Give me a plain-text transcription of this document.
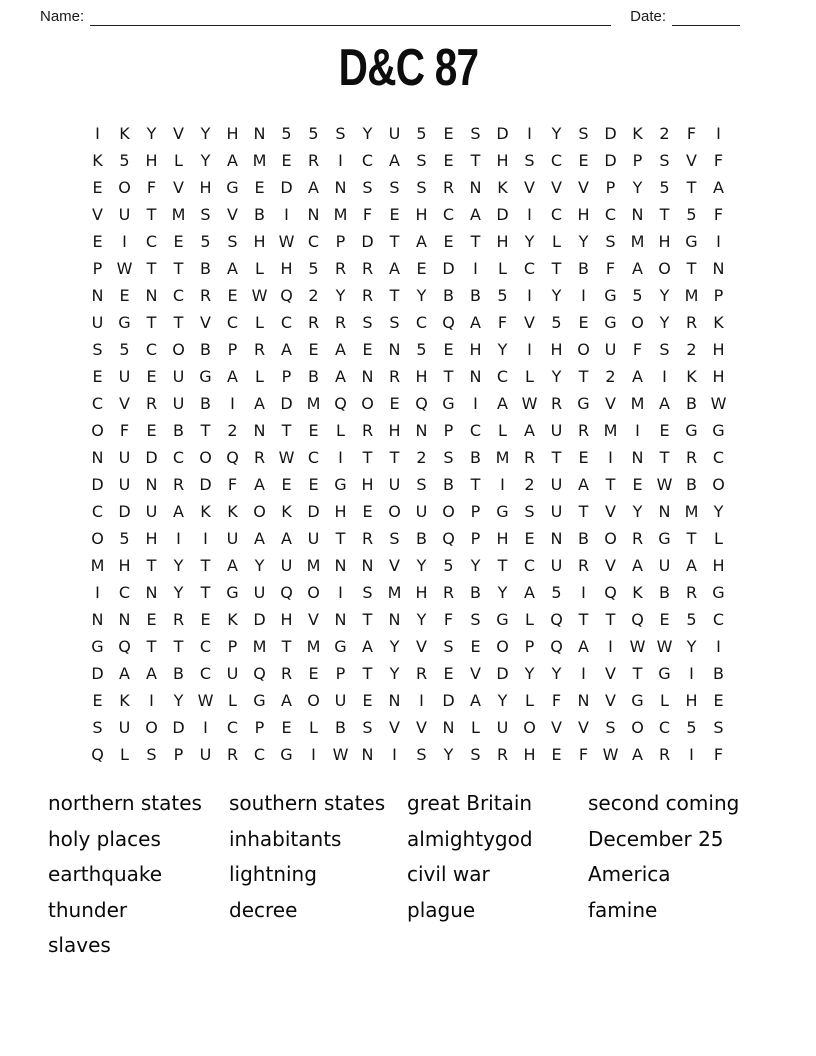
Name:	Date:
D&C 87
I	K	Y	V	Y	H N 5	5	S	Y	U	5	E	S D	I	Y	S D K	2	F	I
K	5 H	L	Y	A M E	R	I	C A	S	E	T	H S	C	E D	P	S	V	F
E O	F	V H G E D A N S	S	S	R N K	V	V	V	P	Y	5	T	A
V U	T M S	V	B	I	N M F	E H C A D	I	C H C N	T	5	F
E	I	C	E	5	S H W C	P	D T	A	E	T	H	Y	L	Y	S M H G	I
P W T	T	B	A	L	H 5	R R A	E D	I	L	C	T	B	F	A O T	N
N E N C R	E W Q 2	Y	R	T	Y	B	B	5	I	Y	I	G 5	Y M P
U G T	T	V C	L	C R R	S	S	C Q A	F	V	5	E G O Y	R	K
S	5	C O B	P	R A	E	A	E N 5	E H	Y	I	H O U	F	S	2 H
E	U	E	U G A	L	P	B	A N R H	T	N C	L	Y	T	2	A	I	K H
C V R U B	I	A D M Q O E Q G	I	A W R G V M A	B W
O	F	E	B	T	2 N	T	E	L	R H N	P	C	L	A U R M	I	E G G
N U D C O Q R W C	I	T	T	2	S	B M R	T	E	I	N	T	R C
D U N R D	F	A	E	E G H U	S	B	T	I	2	U A	T	E W B O
C D U A	K	K O K D H E O U O P G S	U	T	V	Y	N M Y
O 5 H	I	I	U A	A U	T	R	S	B Q P	H E N B O R G T	L
M H	T	Y	T	A	Y	U M N N V	Y	5	Y	T	C U R V	A U A H
I	C N	Y	T G U Q O	I	S M H R B	Y	A	5	I	Q K	B R G
N N E	R	E	K D H V N	T	N	Y	F	S G	L	Q T	T Q E	5	C
G Q T	T	C	P M T M G A	Y	V	S	E O P Q A	I	W W Y	I
D A	A	B C U Q R	E	P	T	Y	R	E	V D Y	Y	I	V	T G	I	B
E	K	I	Y W L	G A O U	E N	I	D A	Y	L	F	N V G	L	H E
S	U O D	I	C	P	E	L	B	S	V	V N	L	U O V	V	S O C	5	S
Q	L	S	P	U R C G	I	W N	I	S	Y	S	R H E	F W A R	I	F
northern states
holy places
earthquake
thunder
slaves
southern states
inhabitants
lightning
decree
great Britain
almightygod
civil war
plague
second coming
December 25
America
famine
